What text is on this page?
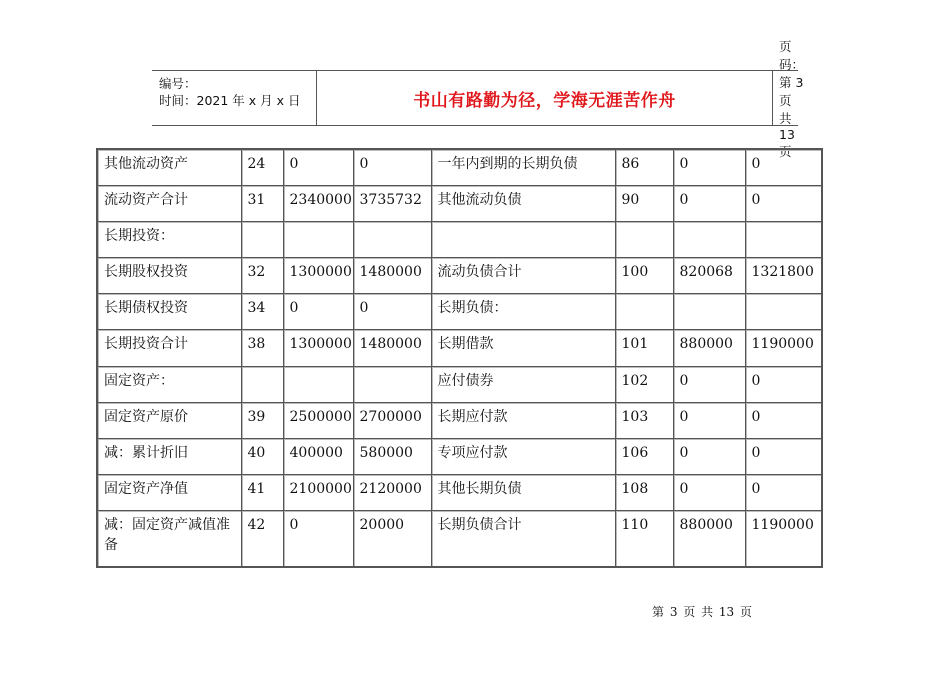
编号：
时间：2021 年 x 月 x 日	书山有路勤为径，学海无涯苦作舟
页码：第 3 页 共 13 页
其他流动资产	24	0	0	一年内到期的长期负债	86	0	0
流动资产合计	31	2340000	3735732	其他流动负债	90	0	0
长期投资：							
长期股权投资	32	1300000	1480000	流动负债合计	100	820068	1321800
长期债权投资	34	0	0	长期负债：			
长期投资合计	38	1300000	1480000	长期借款	101	880000	1190000
固定资产：				应付债券	102	0	0
固定资产原价	39	2500000	2700000	长期应付款	103	0	0
减：累计折旧	40	400000	580000	专项应付款	106	0	0
固定资产净值	41	2100000	2120000	其他长期负债	108	0	0
减：固定资产减值准备	42	0	20000	长期负债合计	110	880000	1190000
第 3 页 共 13 页
